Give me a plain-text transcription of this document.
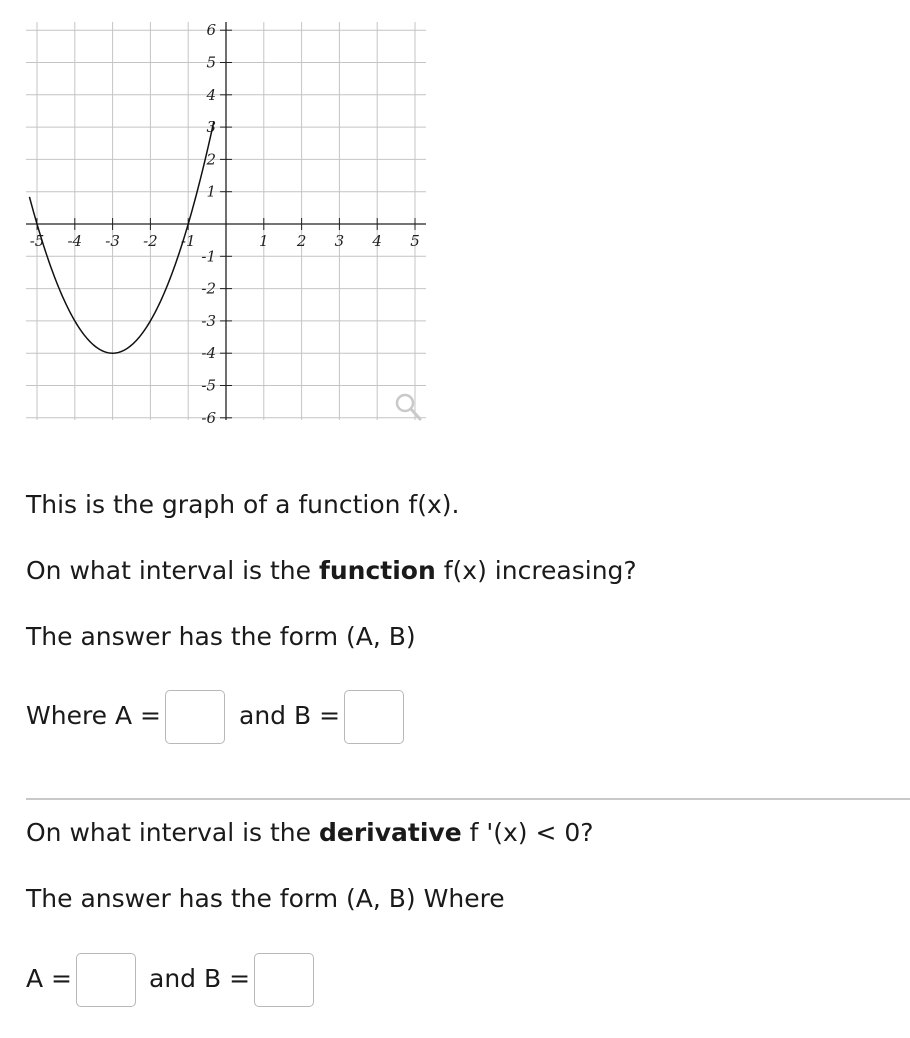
-5 -4 -3 -2 -1	1 2 3 4 5
6
5
4
3
2
1
-1
-2
-3
-4
-5
-6
This is the graph of a function f(x).
On what interval is the function f(x) increasing?
The answer has the form (A, B)
Where A =	and B =
On what interval is the derivative f '(x) < 0?
The answer has the form (A, B) Where
A =	and B =
